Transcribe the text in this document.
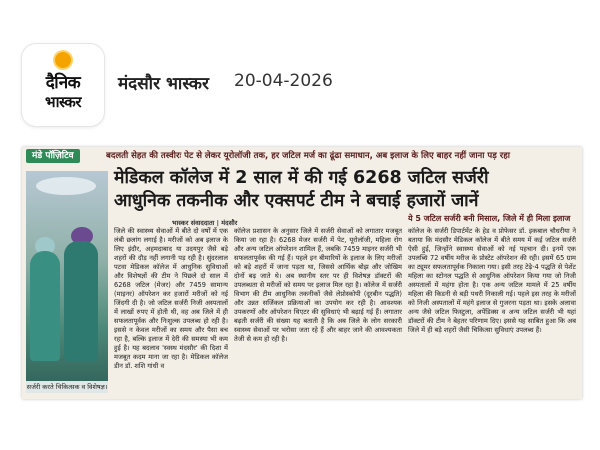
दैनिक
भास्कर
मंदसौर भास्कर 20-04-2026
मंडे पॉज़िटिव	बदलती सेहत की तस्वीरः पेट से लेकर यूरोलॉजी तक, हर जटिल मर्ज का ढूंढा समाधान, अब इलाज के लिए बाहर नहीं जाना पड़ रहा
मेडिकल कॉलेज में 2 साल में की गई 6268 जटिल सर्जरी
आधुनिक तकनीक और एक्सपर्ट टीम ने बचाई हजारों जानें
सर्जरी करते चिकित्सक व विशेषज्ञ।
भास्कर संवाददाता | मंदसौर
जिले की स्वास्थ्य सेवाओं में बीते दो वर्षों में एक लंबी छलांग लगाई है। मरीजों को अब इलाज के लिए इंदौर, अहमदाबाद या उदयपुर जैसे बड़े शहरों की दौड़ नहीं लगानी पड़ रही है। सुंदरलाल पटवा मेडिकल कॉलेज में आधुनिक सुविधाओं और विशेषज्ञों की टीम ने पिछले दो साल में 6268 जटिल (मेजर) और 7459 सामान्य (माइनर) ऑपरेशन कर हजारों मरीजों को नई जिंदगी दी है। जो जटिल सर्जरी निजी अस्पतालों में लाखों रुपए में होती थी, वह अब जिले में ही सफलतापूर्वक और निःशुल्क उपलब्ध हो रही है। इससे न केवल मरीजों का समय और पैसा बच रहा है, बल्कि इलाज में देरी की समस्या भी कम हुई है। यह बदलाव 'स्वस्थ मंदसौर' की दिशा में मजबूत कदम माना जा रहा है। मेडिकल कॉलेज डीन डॉ. शशि गांधी व
कॉलेज प्रशासन के अनुसार जिले में सर्जरी सेवाओं को लगातार मजबूत किया जा रहा है। 6268 मेजर सर्जरी में पेट, यूरोलॉजी, महिला रोग और अन्य जटिल ऑपरेशन शामिल हैं, जबकि 7459 माइनर सर्जरी भी सफलतापूर्वक की गई हैं। पहले इन बीमारियों के इलाज के लिए मरीजों को बड़े शहरों में जाना पड़ता था, जिससे आर्थिक बोझ और जोखिम दोनों बढ़ जाते थे। अब स्थानीय स्तर पर ही विशेषज्ञ डॉक्टरों की उपलब्धता से मरीजों को समय पर इलाज मिल रहा है। कॉलेज में सर्जरी विभाग की टीम आधुनिक तकनीकों जैसे लेप्रोस्कोपी (दूरबीन पद्धति) और उन्नत सर्जिकल प्रक्रियाओं का उपयोग कर रही है। आवश्यक उपकरणों और ऑपरेशन थिएटर की सुविधाएं भी बढ़ाई गई हैं। लगातार बढ़ती सर्जरी की संख्या यह बताती है कि अब जिले के लोग सरकारी स्वास्थ्य सेवाओं पर भरोसा जता रहे हैं और बाहर जाने की आवश्यकता तेजी से कम हो रही है।
ये 5 जटिल सर्जरी बनी मिसाल, जिले में ही मिला इलाज
कॉलेज के सर्जरी डिपार्टमेंट के हेड व प्रोफेसर डॉ. इकबाल चौधरीया ने बताया कि मंदसौर मेडिकल कॉलेज में बीते समय में कई जटिल सर्जरी ऐसी हुई, जिन्होंने स्वास्थ्य सेवाओं को नई पहचान दी। इनमें एक उपलब्धि 72 वर्षीय मरीज के प्रोस्टेट ऑपरेशन की रही। इसमें 65 ग्राम का ट्यूमर सफलतापूर्वक निकाला गया। इसी तरह टेढ़े-4 पद्धति से पेशेंट महिला का स्टोनल पद्धति से आधुनिक ऑपरेशन किया गया जो निजी अस्पतालों में महंगा होता है। एक अन्य जटिल मामले में 25 वर्षीय महिला की किडनी से बड़ी पथरी निकाली गई। पहले इस तरह के मरीजों को निजी अस्पतालों में महंगे इलाज से गुजरना पड़ता था। इसके अलावा अन्य जैसे जटिल फिस्टुला, अपेंडिक्स व अन्य जटिल सर्जरी भी यहां डॉक्टरों की टीम ने बेहतर परिणाम दिए। इससे यह साबित हुआ कि अब जिले में ही बड़े शहरों जैसी चिकित्सा सुविधाएं उपलब्ध हैं।
